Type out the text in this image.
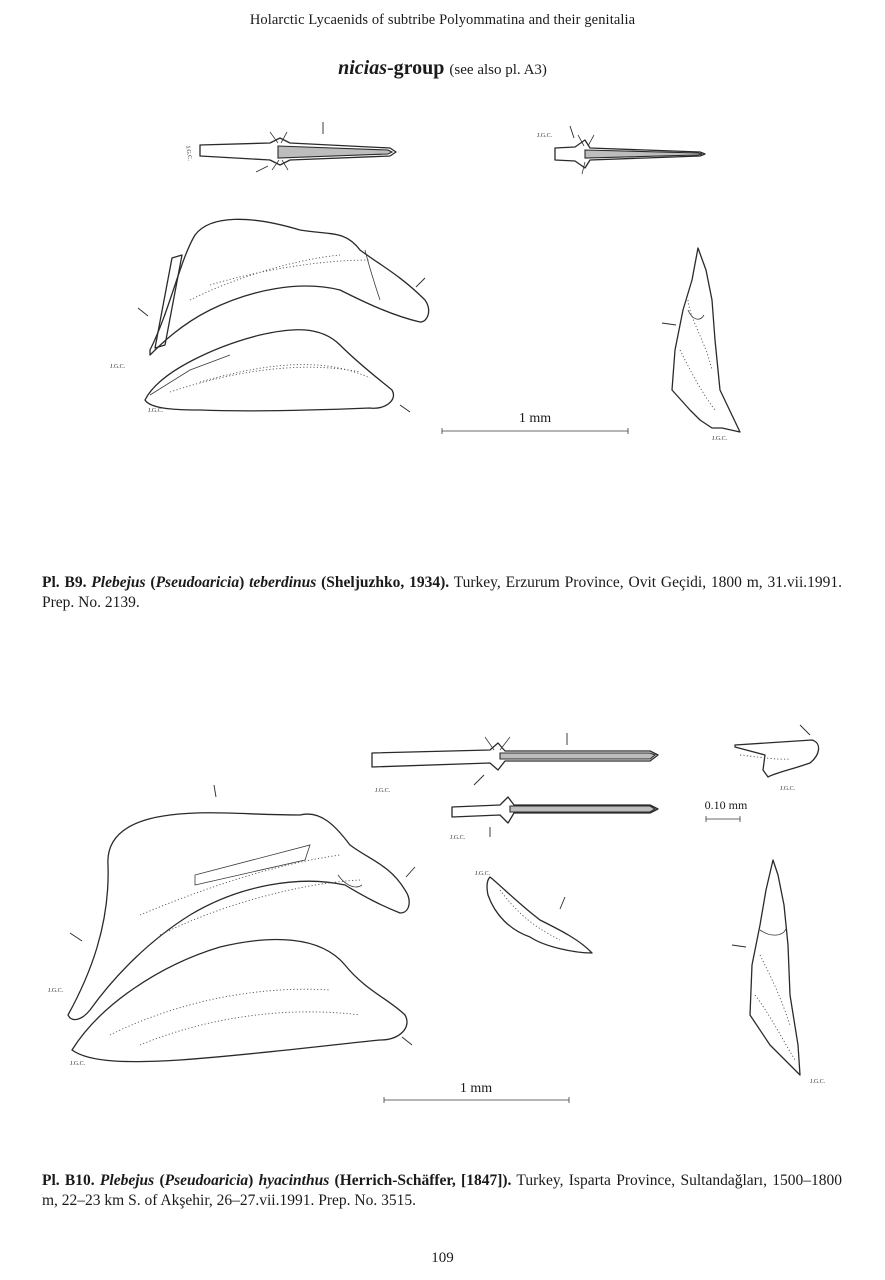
Holarctic Lycaenids of subtribe Polyommatina and their genitalia
nicias-group (see also pl. A3)
J.G.C.
J.G.C.
J.G.C.
J.G.C.
J.G.C.
1 mm
Pl. B9. Plebejus (Pseudoaricia) teberdinus (Sheljuzhko, 1934). Turkey, Erzurum Province, Ovit Geçidi, 1800 m, 31.vii.1991. Prep. No. 2139.
J.G.C.
J.G.C.
J.G.C.
0.10 mm
J.G.C.
J.G.C.
J.G.C.
J.G.C.
1 mm
Pl. B10. Plebejus (Pseudoaricia) hyacinthus (Herrich-Schäffer, [1847]). Turkey, Isparta Province, Sultandağları, 1500–1800 m, 22–23 km S. of Akşehir, 26–27.vii.1991. Prep. No. 3515.
109
